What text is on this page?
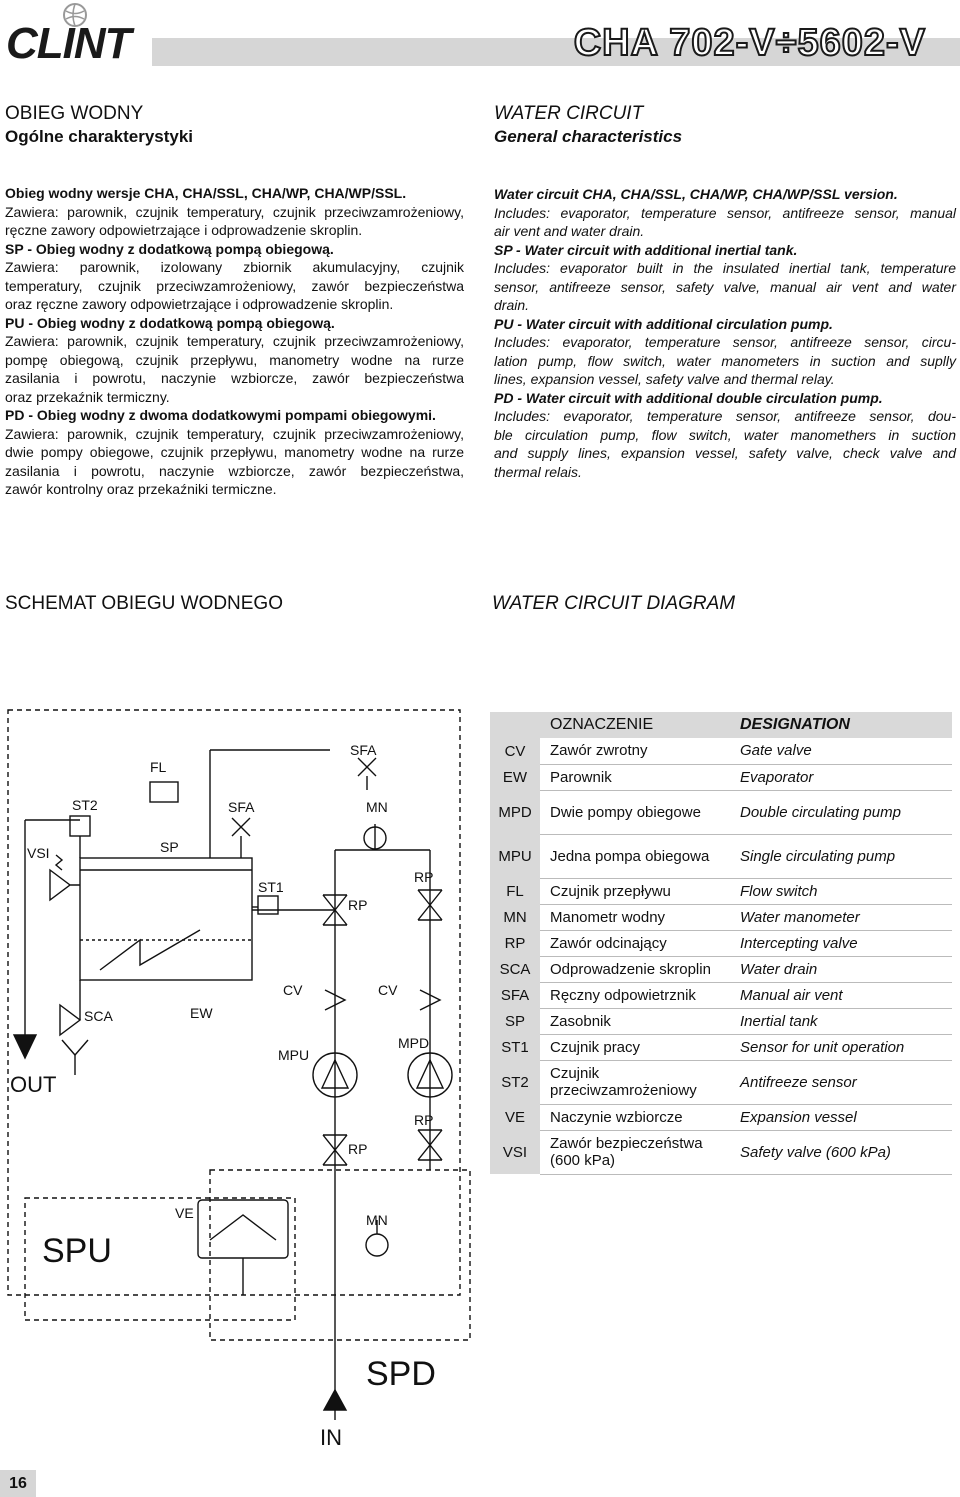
CLINT	CHA 702-V÷5602-V
OBIEG WODNY
Ogólne charakterystyki
WATER CIRCUIT
General characteristics
Obieg wodny wersje CHA, CHA/SSL, CHA/WP, CHA/WP/SSL.
Zawiera: parownik, czujnik temperatury, czujnik przeciwzamrożeniowy,
ręczne zawory odpowietrzające i odprowadzenie skroplin.
SP - Obieg wodny z dodatkową pompą obiegową.
Zawiera: parownik, izolowany zbiornik akumulacyjny, czujnik
temperatury, czujnik przeciwzamrożeniowy, zawór bezpieczeństwa
oraz ręczne zawory odpowietrzające i odprowadzenie skroplin.
PU - Obieg wodny z dodatkową pompą obiegową.
Zawiera: parownik, czujnik temperatury, czujnik przeciwzamrożeniowy,
pompę obiegową, czujnik przepływu, manometry wodne na rurze
zasilania i powrotu, naczynie wzbiorcze, zawór bezpieczeństwa
oraz przekaźnik termiczny.
PD - Obieg wodny z dwoma dodatkowymi pompami obiegowymi.
Zawiera: parownik, czujnik temperatury, czujnik przeciwzamrożeniowy,
dwie pompy obiegowe, czujnik przepływu, manometry wodne na rurze
zasilania i powrotu, naczynie wzbiorcze, zawór bezpieczeństwa,
zawór kontrolny oraz przekaźniki termiczne.
Water circuit CHA, CHA/SSL, CHA/WP, CHA/WP/SSL version.
Includes: evaporator, temperature sensor, antifreeze sensor, manual
air vent and water drain.
SP - Water circuit with additional inertial tank.
Includes: evaporator built in the insulated inertial tank, temperature
sensor, antifreeze sensor, safety valve, manual air vent and water
drain.
PU - Water circuit with additional circulation pump.
Includes: evaporator, temperature sensor, antifreeze sensor, circu-
lation pump, flow switch, water manometers in suction and suplly
lines, expansion vessel, safety valve and thermal relay.
PD - Water circuit with additional double circulation pump.
Includes: evaporator, temperature sensor, antifreeze sensor, dou-
ble circulation pump, flow switch, water manomethers in suction
and supply lines, expansion vessel, safety valve, check valve and
thermal relais.
SCHEMAT OBIEGU WODNEGO	WATER CIRCUIT DIAGRAM
FL
SFA
ST2	SFA	MN
VSI	SP
RP
ST1
RP
CV	CV
SCA	EW
MPD
MPU
OUT
RP
RP
VE	MN
SPU
SPD
IN
	OZNACZENIE	DESIGNATION
CV	Zawór zwrotny	Gate valve
EW	Parownik	Evaporator
MPD	Dwie pompy obiegowe	Double circulating pump
MPU	Jedna pompa obiegowa	Single circulating pump
FL	Czujnik przepływu	Flow switch
MN	Manometr wodny	Water manometer
RP	Zawór odcinający	Intercepting valve
SCA	Odprowadzenie skroplin	Water drain
SFA	Ręczny odpowietrznik	Manual air vent
SP	Zasobnik	Inertial tank
ST1	Czujnik pracy	Sensor for unit operation
ST2	Czujnik przeciwzamrożeniowy	Antifreeze sensor
VE	Naczynie wzbiorcze	Expansion vessel
VSI	Zawór bezpieczeństwa (600 kPa)	Safety valve (600 kPa)
16
